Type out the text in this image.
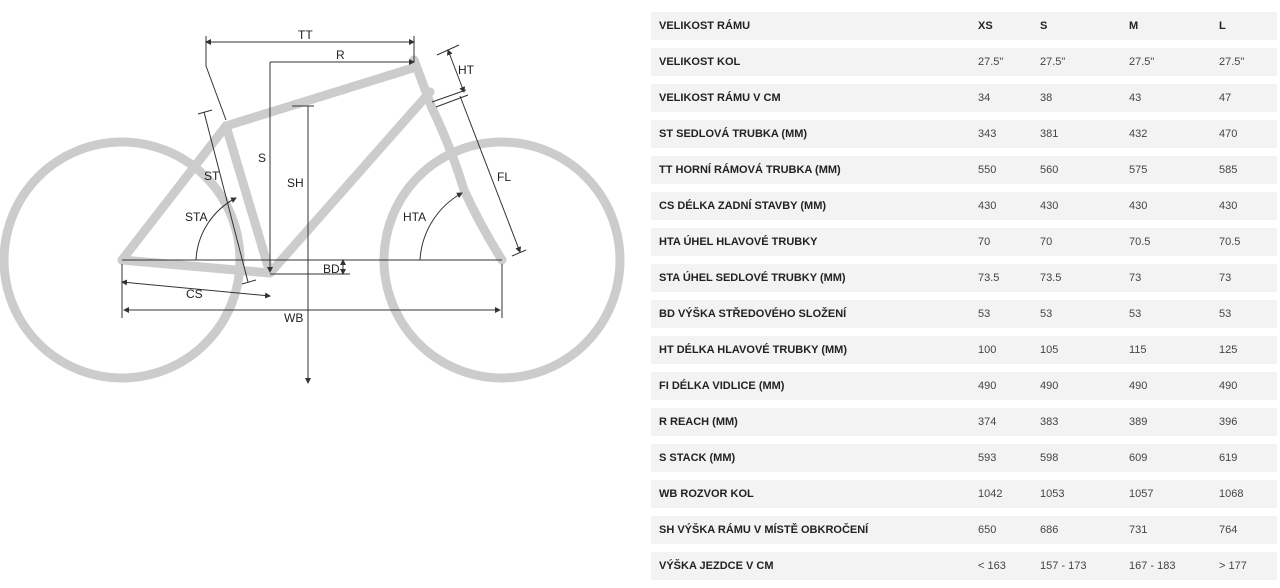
TT
R
HT
S
SH
ST	FL
STA	HTA
BD
CS
WB
VELIKOST RÁMU	XS	S	M	L
VELIKOST KOL	27.5"	27.5"	27.5"	27.5"
VELIKOST RÁMU V CM	34	38	43	47
ST SEDLOVÁ TRUBKA (MM)	343	381	432	470
TT HORNÍ RÁMOVÁ TRUBKA (MM)	550	560	575	585
CS DÉLKA ZADNÍ STAVBY (MM)	430	430	430	430
HTA ÚHEL HLAVOVÉ TRUBKY	70	70	70.5	70.5
STA ÚHEL SEDLOVÉ TRUBKY (MM)	73.5	73.5	73	73
BD VÝŠKA STŘEDOVÉHO SLOŽENÍ	53	53	53	53
HT DÉLKA HLAVOVÉ TRUBKY (MM)	100	105	115	125
FI DÉLKA VIDLICE (MM)	490	490	490	490
R REACH (MM)	374	383	389	396
S STACK (MM)	593	598	609	619
WB ROZVOR KOL	1042	1053	1057	1068
SH VÝŠKA RÁMU V MÍSTĚ OBKROČENÍ	650	686	731	764
VÝŠKA JEZDCE V CM	< 163	157 - 173	167 - 183	> 177
